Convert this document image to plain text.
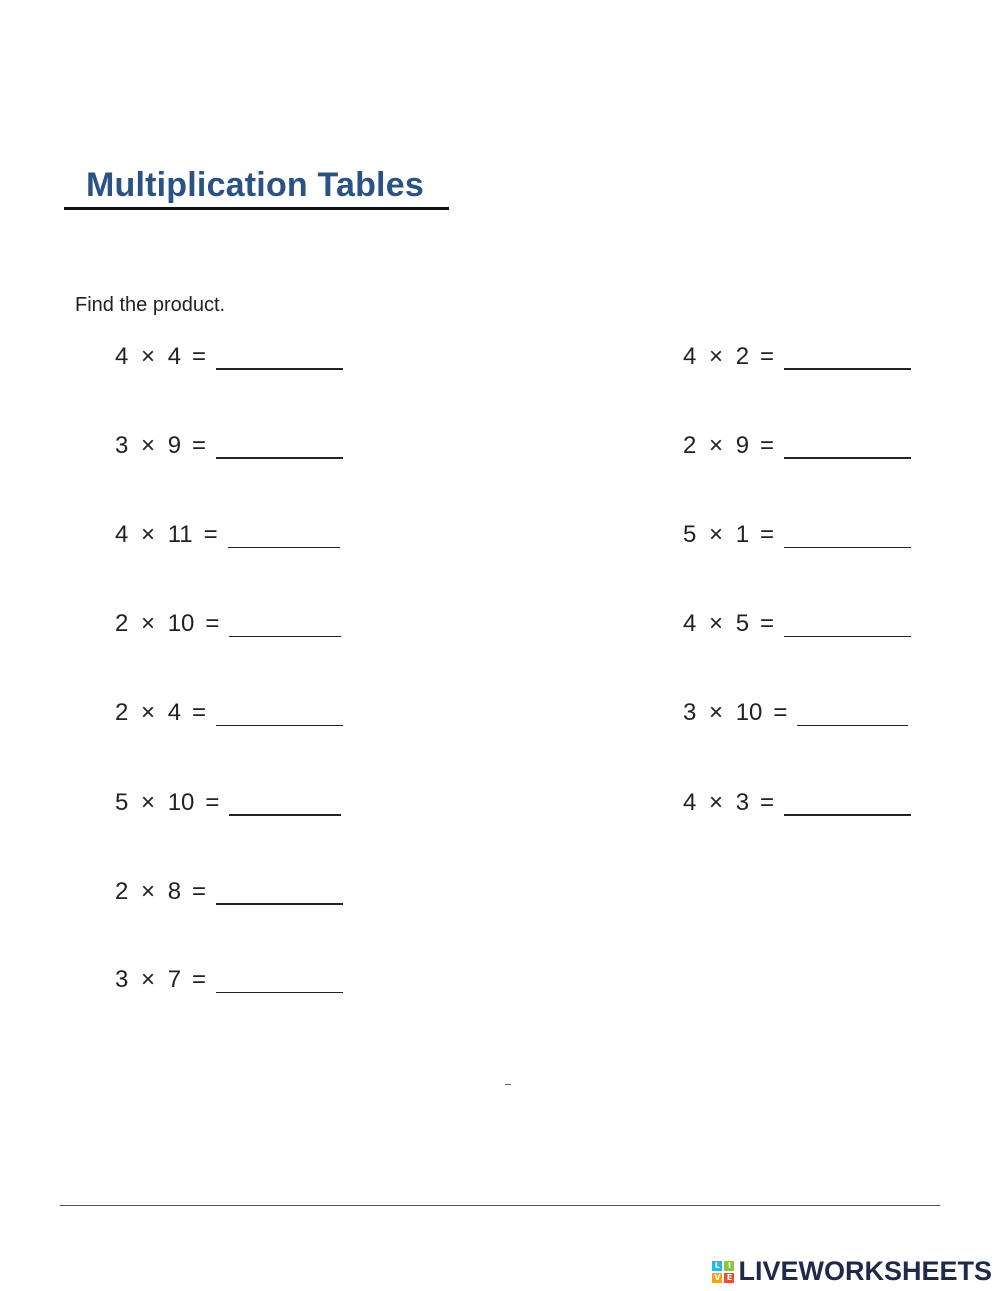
Multiplication Tables
Find the product.
4 × 4 =
3 × 9 =
4 × 11 =
2 × 10 =
2 × 4 =
5 × 10 =
2 × 8 =
3 × 7 =
4 × 2 =
2 × 9 =
5 × 1 =
4 × 5 =
3 × 10 =
4 × 3 =
L I
V E LIVEWORKSHEETS
